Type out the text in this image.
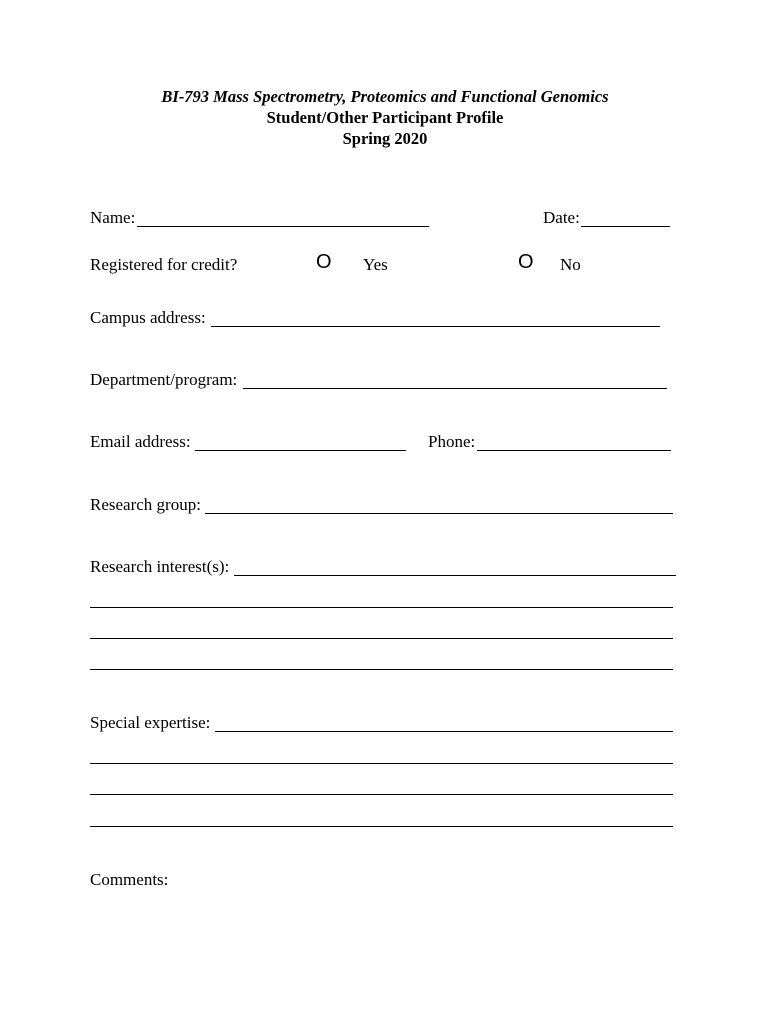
BI-793 Mass Spectrometry, Proteomics and Functional Genomics
Student/Other Participant Profile
Spring 2020
Name:	Date:
Registered for credit?	O Yes	O No
Campus address:
Department/program:
Email address:	Phone:
Research group:
Research interest(s):
Special expertise:
Comments:
